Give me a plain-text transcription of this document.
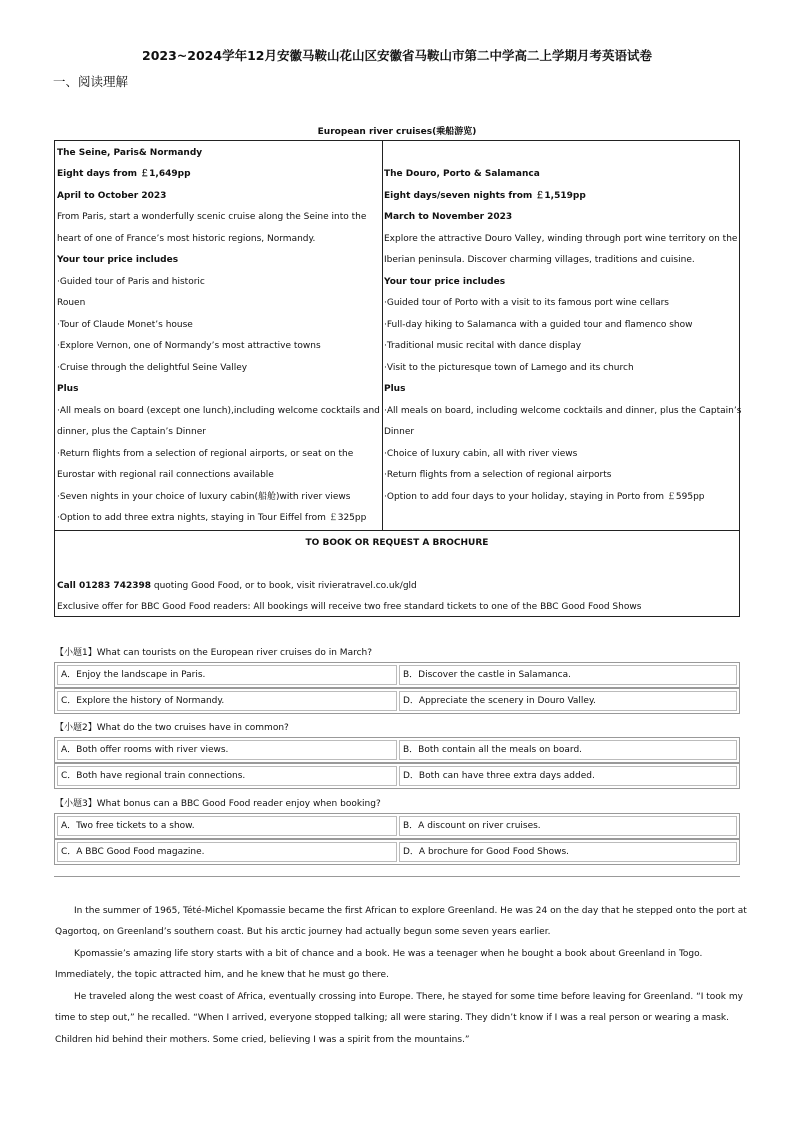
2023~2024学年12月安徽马鞍山花山区安徽省马鞍山市第二中学高二上学期月考英语试卷
一、阅读理解
European river cruises(乘船游览)
The Seine, Paris& Normandy
Eight days from ￡1,649pp
April to October 2023
From Paris, start a wonderfully scenic cruise along the Seine into the
heart of one of France’s most historic regions, Normandy.
Your tour price includes
·Guided tour of Paris and historic
Rouen
·Tour of Claude Monet’s house
·Explore Vernon, one of Normandy’s most attractive towns
·Cruise through the delightful Seine Valley
Plus
·All meals on board (except one lunch),including welcome cocktails and
dinner, plus the Captain’s Dinner
·Return flights from a selection of regional airports, or seat on the
Eurostar with regional rail connections available
·Seven nights in your choice of luxury cabin(船舱)with river views
·Option to add three extra nights, staying in Tour Eiffel from ￡325pp
The Douro, Porto & Salamanca
Eight days/seven nights from ￡1,519pp
March to November 2023
Explore the attractive Douro Valley, winding through port wine territory on the
Iberian peninsula. Discover charming villages, traditions and cuisine.
Your tour price includes
·Guided tour of Porto with a visit to its famous port wine cellars
·Full-day hiking to Salamanca with a guided tour and flamenco show
·Traditional music recital with dance display
·Visit to the picturesque town of Lamego and its church
Plus
·All meals on board, including welcome cocktails and dinner, plus the Captain’s
Dinner
·Choice of luxury cabin, all with river views
·Return flights from a selection of regional airports
·Option to add four days to your holiday, staying in Porto from ￡595pp
TO BOOK OR REQUEST A BROCHURE
Call 01283 742398 quoting Good Food, or to book, visit rivieratravel.co.uk/gld
Exclusive offer for BBC Good Food readers: All bookings will receive two free standard tickets to one of the BBC Good Food Shows
【小题1】What can tourists on the European river cruises do in March?
A．Enjoy the landscape in Paris.	B．Discover the castle in Salamanca.
C．Explore the history of Normandy.	D．Appreciate the scenery in Douro Valley.
【小题2】What do the two cruises have in common?
A．Both offer rooms with river views.	B．Both contain all the meals on board.
C．Both have regional train connections.	D．Both can have three extra days added.
【小题3】What bonus can a BBC Good Food reader enjoy when booking?
A．Two free tickets to a show.	B．A discount on river cruises.
C．A BBC Good Food magazine.	D．A brochure for Good Food Shows.
In the summer of 1965, Tété-Michel Kpomassie became the first African to explore Greenland. He was 24 on the day that he stepped onto the port at
Qagortoq, on Greenland’s southern coast. But his arctic journey had actually begun some seven years earlier.
Kpomassie’s amazing life story starts with a bit of chance and a book. He was a teenager when he bought a book about Greenland in Togo.
Immediately, the topic attracted him, and he knew that he must go there.
He traveled along the west coast of Africa, eventually crossing into Europe. There, he stayed for some time before leaving for Greenland. “I took my
time to step out,” he recalled. “When I arrived, everyone stopped talking; all were staring. They didn’t know if I was a real person or wearing a mask.
Children hid behind their mothers. Some cried, believing I was a spirit from the mountains.”
